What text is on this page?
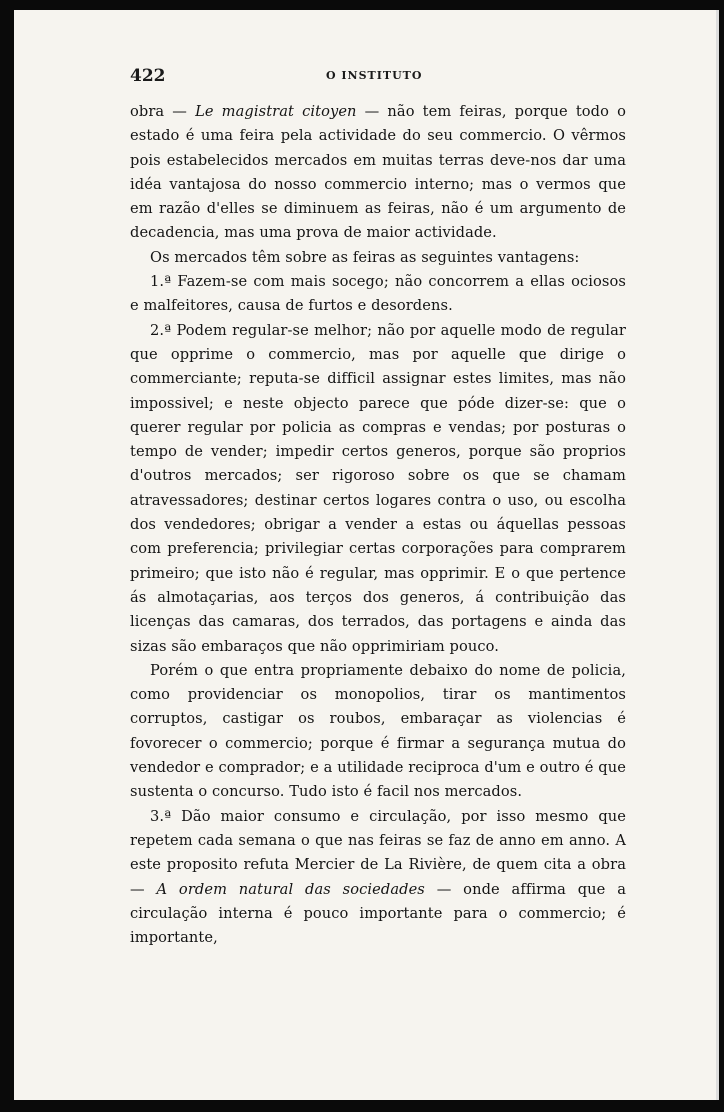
422	O INSTITUTO

obra — Le magistrat citoyen — não tem feiras, porque todo o estado é uma feira pela actividade do seu commercio. O vêrmos pois estabelecidos mercados em muitas terras deve-nos dar uma idéa vantajosa do nosso commercio interno; mas o vermos que em razão d'elles se diminuem as feiras, não é um argumento de decadencia, mas uma prova de maior actividade.

Os mercados têm sobre as feiras as seguintes vantagens:

1.ª Fazem-se com mais socego; não concorrem a ellas ociosos e malfeitores, causa de furtos e desordens.

2.ª Podem regular-se melhor; não por aquelle modo de regular que opprime o commercio, mas por aquelle que dirige o commerciante; reputa-se difficil assignar estes limites, mas não impossivel; e neste objecto parece que póde dizer-se: que o querer regular por policia as compras e vendas; por posturas o tempo de vender; impedir certos generos, porque são proprios d'outros mercados; ser rigoroso sobre os que se chamam atravessadores; destinar certos logares contra o uso, ou escolha dos vendedores; obrigar a vender a estas ou áquellas pessoas com preferencia; privilegiar certas corporações para comprarem primeiro; que isto não é regular, mas opprimir. E o que pertence ás almotaçarias, aos terços dos generos, á contribuição das licenças das camaras, dos terrados, das portagens e ainda das sizas são embaraços que não opprimiriam pouco.

Porém o que entra propriamente debaixo do nome de policia, como providenciar os monopolios, tirar os mantimentos corruptos, castigar os roubos, embaraçar as violencias é fovorecer o commercio; porque é firmar a segurança mutua do vendedor e comprador; e a utilidade reciproca d'um e outro é que sustenta o concurso. Tudo isto é facil nos mercados.

3.ª Dão maior consumo e circulação, por isso mesmo que repetem cada semana o que nas feiras se faz de anno em anno. A este proposito refuta Mercier de La Rivière, de quem cita a obra — A ordem natural das sociedades — onde affirma que a circulação interna é pouco importante para o commercio; é importante,
